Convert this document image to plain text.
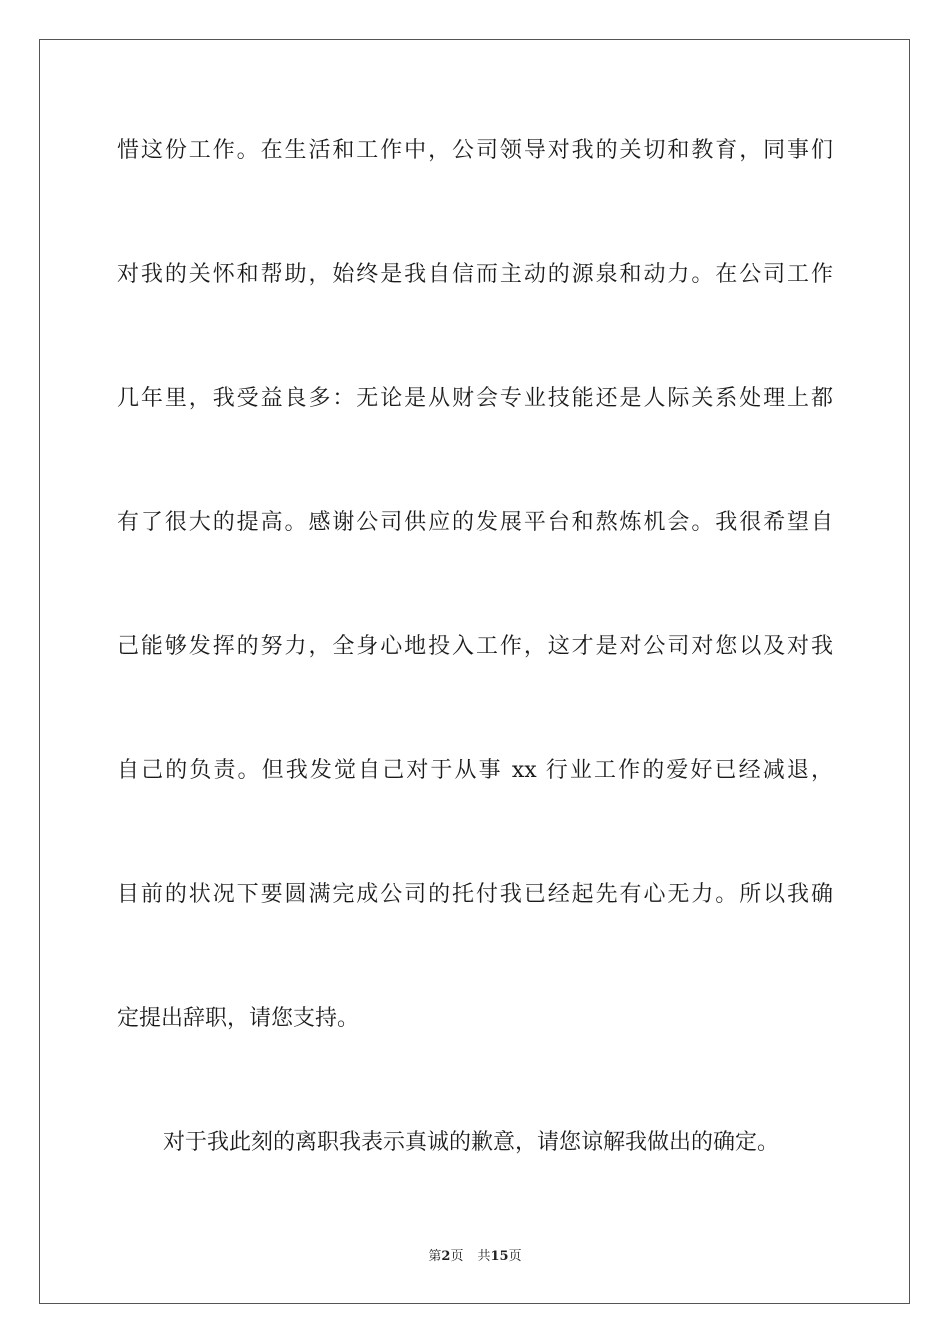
惜这份工作。在生活和工作中，公司领导对我的关切和教育，同事们
对我的关怀和帮助，始终是我自信而主动的源泉和动力。在公司工作
几年里，我受益良多：无论是从财会专业技能还是人际关系处理上都
有了很大的提高。感谢公司供应的发展平台和熬炼机会。我很希望自
己能够发挥的努力，全身心地投入工作，这才是对公司对您以及对我
自己的负责。但我发觉自己对于从事 xx 行业工作的爱好已经减退，
目前的状况下要圆满完成公司的托付我已经起先有心无力。所以我确
定提出辞职，请您支持。
对于我此刻的离职我表示真诚的歉意，请您谅解我做出的确定。
第2页 共15页
